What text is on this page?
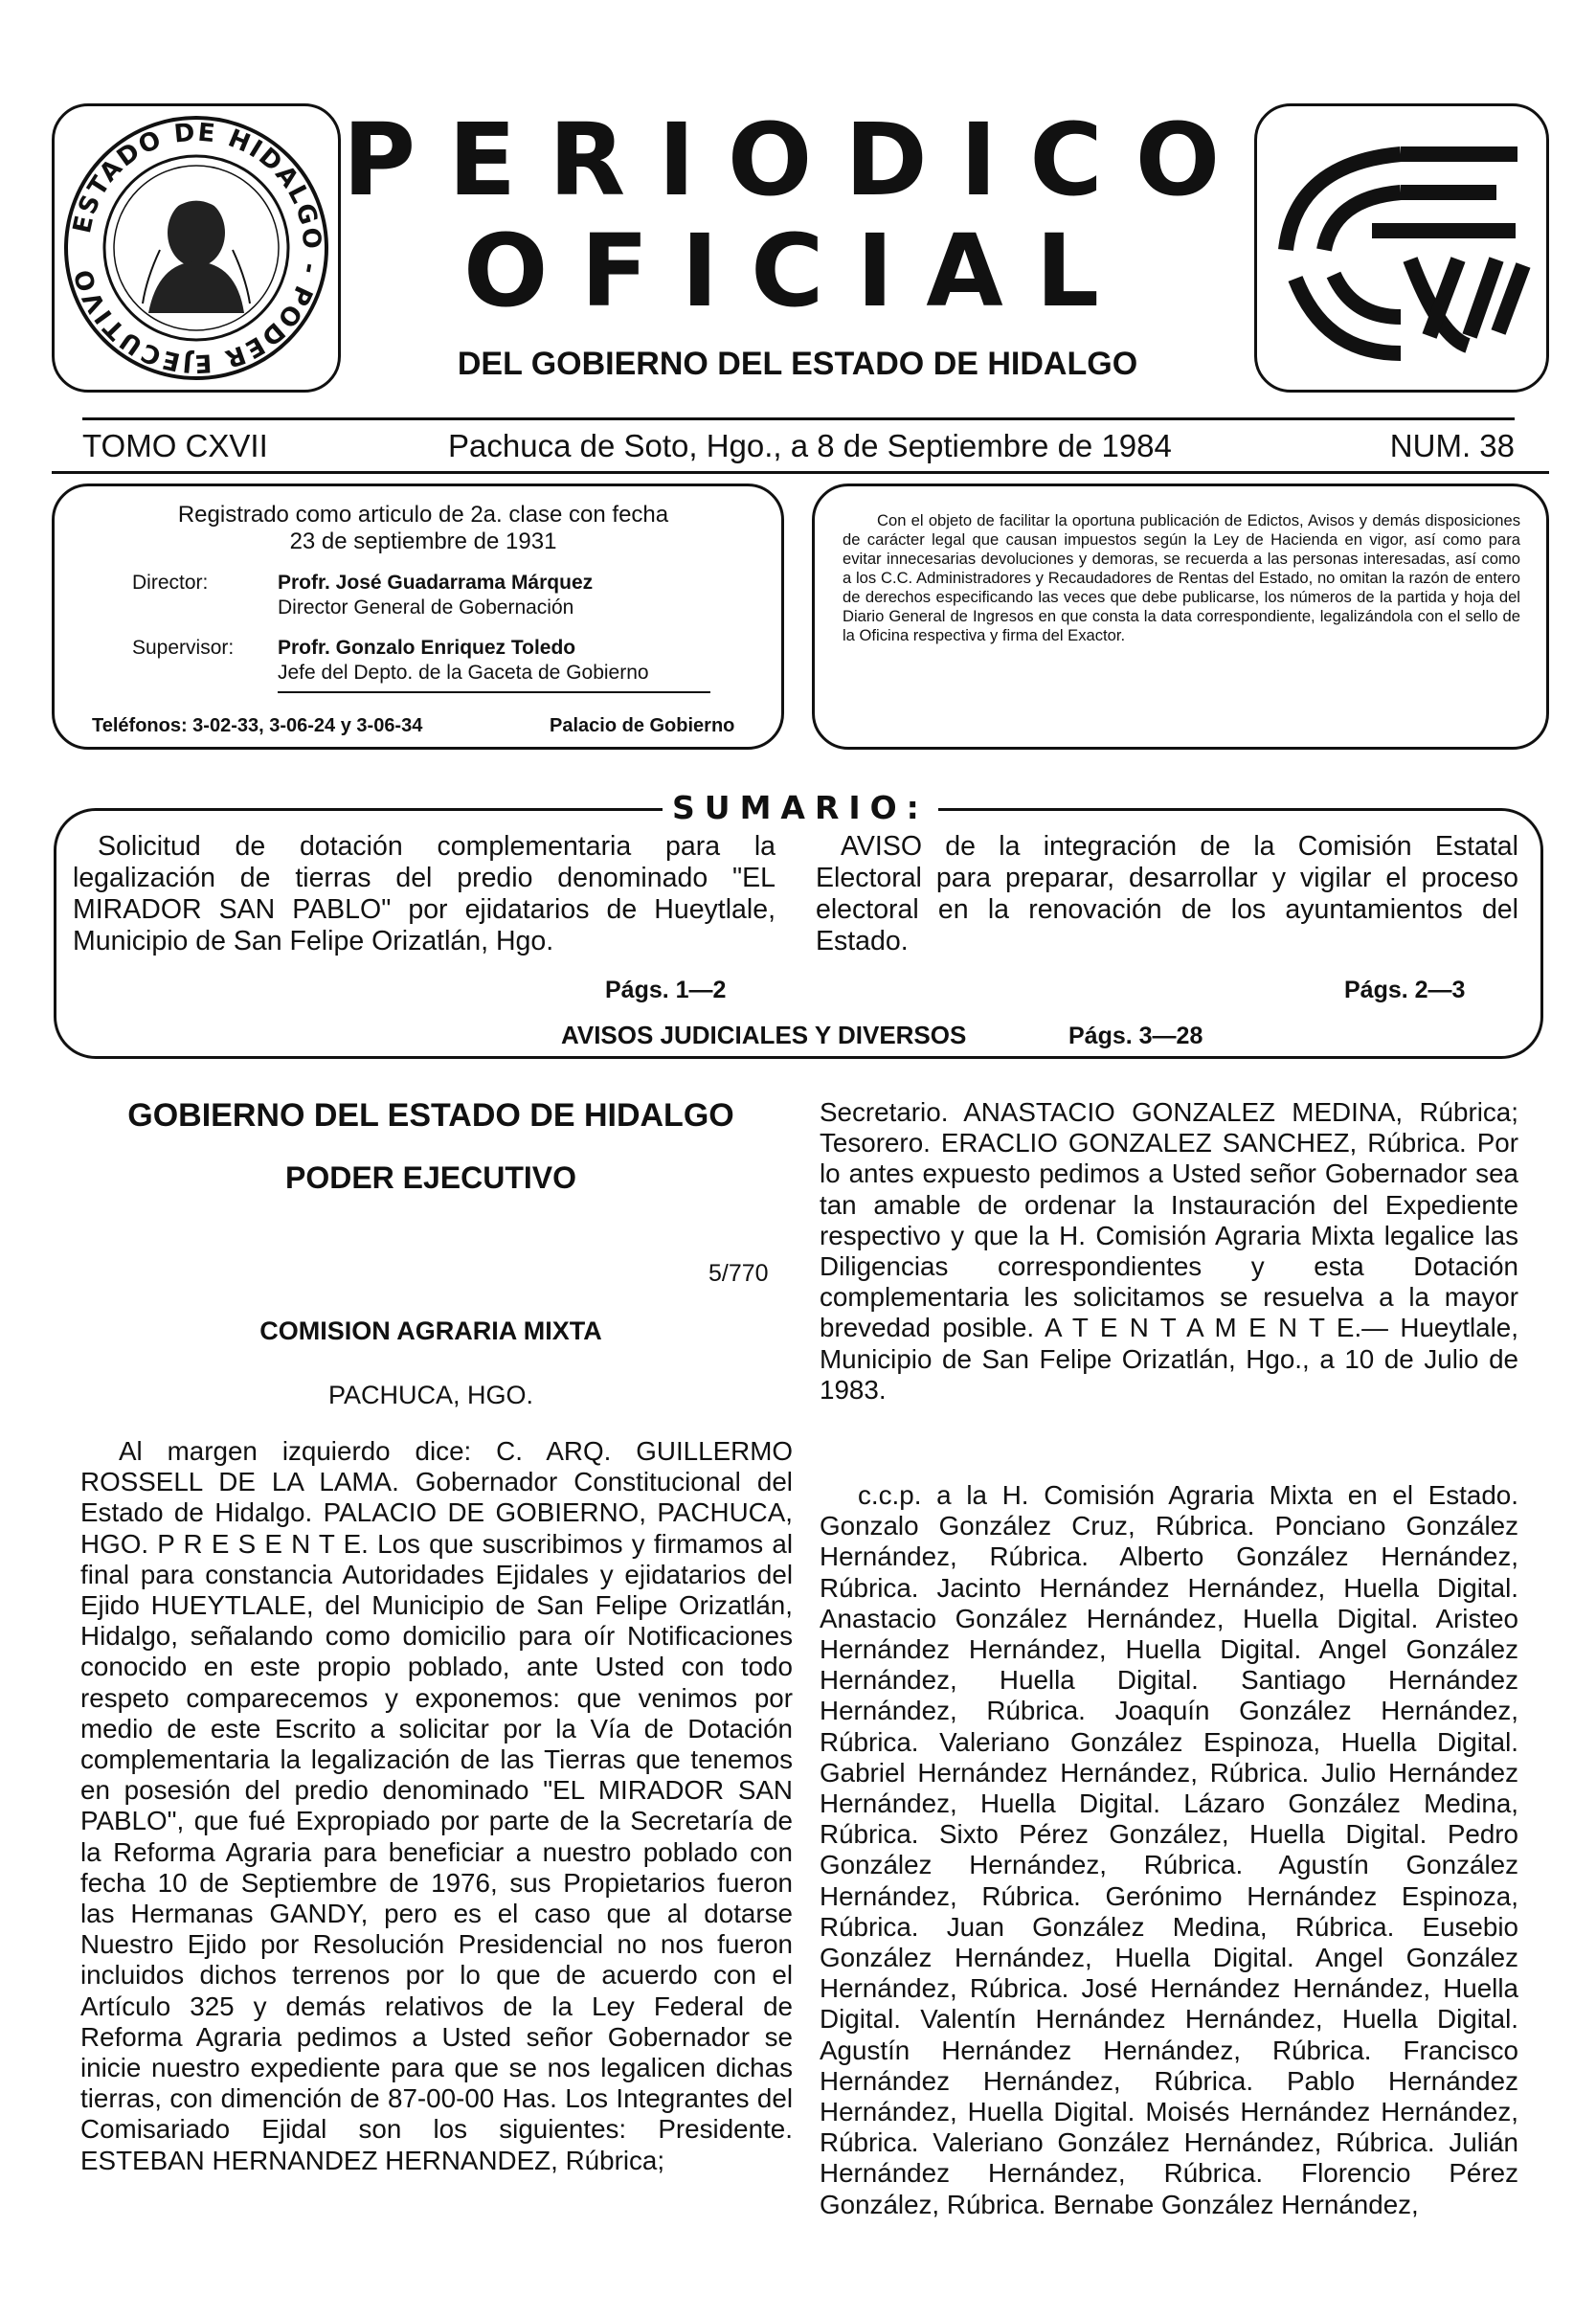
ESTADO DE HIDALGO - PODER EJECUTIVO
PERIODICO
OFICIAL
DEL GOBIERNO DEL ESTADO DE HIDALGO
TOMO CXVII	Pachuca de Soto, Hgo., a 8 de Septiembre de 1984	NUM. 38
Registrado como articulo de 2a. clase con fecha
23 de septiembre de 1931
Director:	Profr. José Guadarrama Márquez
Director General de Gobernación
Supervisor: Profr. Gonzalo Enriquez Toledo
Jefe del Depto. de la Gaceta de Gobierno
Teléfonos: 3-02-33, 3-06-24 y 3-06-34	Palacio de Gobierno
Con el objeto de facilitar la oportuna publicación de Edictos, Avisos y demás disposiciones de carácter legal que causan impuestos según la Ley de Hacienda en vigor, así como para evitar innecesarias devoluciones y demoras, se recuerda a las personas interesadas, así como a los C.C. Administradores y Recaudadores de Rentas del Estado, no omitan la razón de entero de derechos especificando las veces que debe publicarse, los números de la partida y hoja del Diario General de Ingresos en que consta la data correspondiente, legalizándola con el sello de la Oficina respectiva y firma del Exactor.
SUMARIO:
Solicitud de dotación complementaria para la legalización de tierras del predio denominado "EL MIRADOR SAN PABLO" por ejidatarios de Hueytlale, Municipio de San Felipe Orizatlán, Hgo.
Págs. 1—2
AVISO de la integración de la Comisión Estatal Electoral para preparar, desarrollar y vigilar el proceso electoral en la renovación de los ayuntamientos del Estado.
Págs. 2—3
AVISOS JUDICIALES Y DIVERSOS	Págs. 3—28
GOBIERNO DEL ESTADO DE HIDALGO
PODER EJECUTIVO
5/770
COMISION AGRARIA MIXTA
PACHUCA, HGO.

Al margen izquierdo dice: C. ARQ. GUILLERMO ROSSELL DE LA LAMA. Gobernador Constitucional del Estado de Hidalgo. PALACIO DE GOBIERNO, PACHUCA, HGO. P R E S E N T E. Los que suscribimos y firmamos al final para constancia Autoridades Ejidales y ejidatarios del Ejido HUEYTLALE, del Municipio de San Felipe Orizatlán, Hidalgo, señalando como domicilio para oír Notificaciones conocido en este propio poblado, ante Usted con todo respeto comparecemos y exponemos: que venimos por medio de este Escrito a solicitar por la Vía de Dotación complementaria la legalización de las Tierras que tenemos en posesión del predio denominado "EL MIRADOR SAN PABLO", que fué Expropiado por parte de la Secretaría de la Reforma Agraria para beneficiar a nuestro poblado con fecha 10 de Septiembre de 1976, sus Propietarios fueron las Hermanas GANDY, pero es el caso que al dotarse Nuestro Ejido por Resolución Presidencial no nos fueron incluidos dichos terrenos por lo que de acuerdo con el Artículo 325 y demás relativos de la Ley Federal de Reforma Agraria pedimos a Usted señor Gobernador se inicie nuestro expediente para que se nos legalicen dichas tierras, con dimención de 87-00-00 Has. Los Integrantes del Comisariado Ejidal son los siguientes: Presidente. ESTEBAN HERNANDEZ HERNANDEZ, Rúbrica;

Secretario. ANASTACIO GONZALEZ MEDINA, Rúbrica; Tesorero. ERACLIO GONZALEZ SANCHEZ, Rúbrica. Por lo antes expuesto pedimos a Usted señor Gobernador sea tan amable de ordenar la Instauración del Expediente respectivo y que la H. Comisión Agraria Mixta legalice las Diligencias correspondientes y esta Dotación complementaria les solicitamos se resuelva a la mayor brevedad posible. A T E N T A M E N T E.— Hueytlale, Municipio de San Felipe Orizatlán, Hgo., a 10 de Julio de 1983.

c.c.p. a la H. Comisión Agraria Mixta en el Estado. Gonzalo González Cruz, Rúbrica. Ponciano González Hernández, Rúbrica. Alberto González Hernández, Rúbrica. Jacinto Hernández Hernández, Huella Digital. Anastacio González Hernández, Huella Digital. Aristeo Hernández Hernández, Huella Digital. Angel González Hernández, Huella Digital. Santiago Hernández Hernández, Rúbrica. Joaquín González Hernández, Rúbrica. Valeriano González Espinoza, Huella Digital. Gabriel Hernández Hernández, Rúbrica. Julio Hernández Hernández, Huella Digital. Lázaro González Medina, Rúbrica. Sixto Pérez González, Huella Digital. Pedro González Hernández, Rúbrica. Agustín González Hernández, Rúbrica. Gerónimo Hernández Espinoza, Rúbrica. Juan González Medina, Rúbrica. Eusebio González Hernández, Huella Digital. Angel González Hernández, Rúbrica. José Hernández Hernández, Huella Digital. Valentín Hernández Hernández, Huella Digital. Agustín Hernández Hernández, Rúbrica. Francisco Hernández Hernández, Rúbrica. Pablo Hernández Hernández, Huella Digital. Moisés Hernández Hernández, Rúbrica. Valeriano González Hernández, Rúbrica. Julián Hernández Hernández, Rúbrica. Florencio Pérez González, Rúbrica. Bernabe González Hernández,
